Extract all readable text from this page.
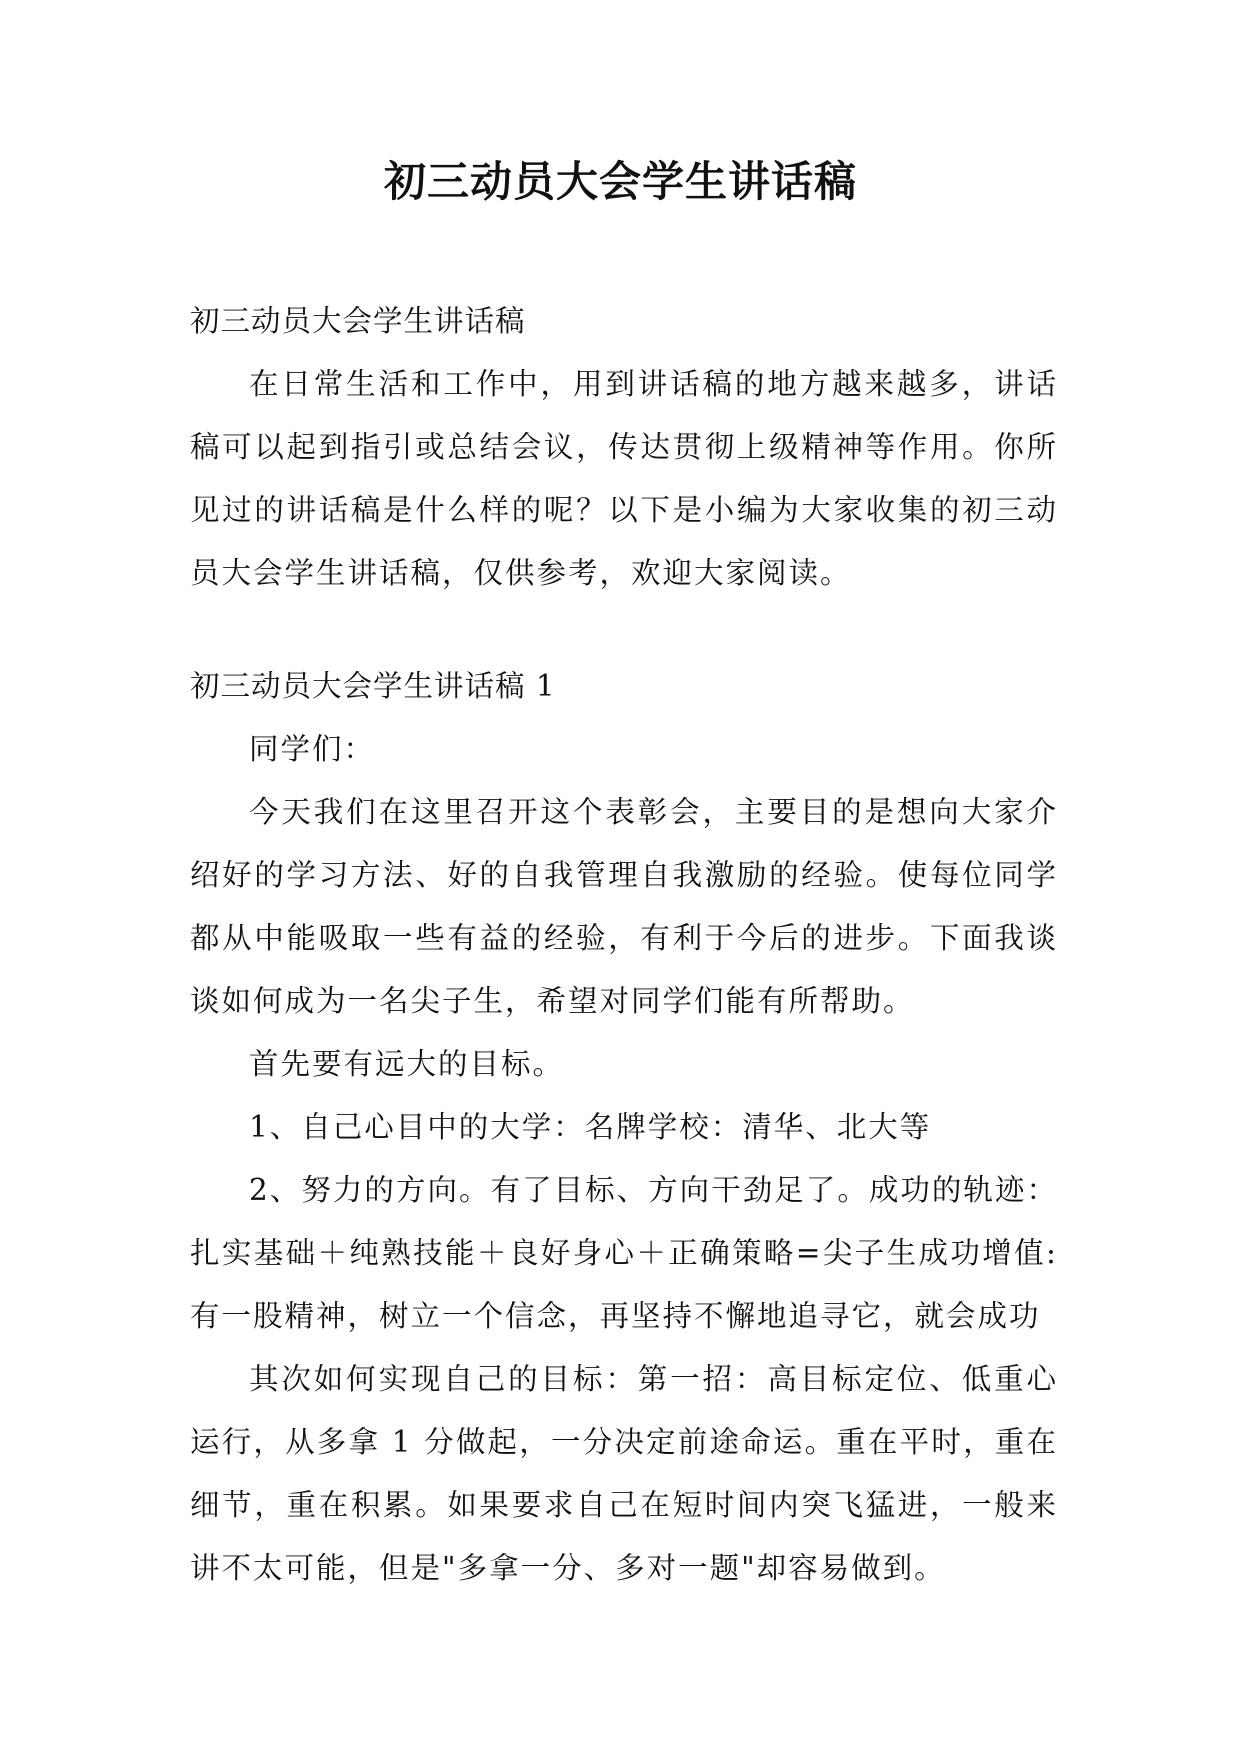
初三动员大会学生讲话稿

初三动员大会学生讲话稿

在日常生活和工作中，用到讲话稿的地方越来越多，讲话稿可以起到指引或总结会议，传达贯彻上级精神等作用。你所见过的讲话稿是什么样的呢？以下是小编为大家收集的初三动员大会学生讲话稿，仅供参考，欢迎大家阅读。

初三动员大会学生讲话稿 1

同学们：

今天我们在这里召开这个表彰会，主要目的是想向大家介绍好的学习方法、好的自我管理自我激励的经验。使每位同学都从中能吸取一些有益的经验，有利于今后的进步。下面我谈谈如何成为一名尖子生，希望对同学们能有所帮助。

首先要有远大的目标。

1、自己心目中的大学：名牌学校：清华、北大等

2、努力的方向。有了目标、方向干劲足了。成功的轨迹：扎实基础＋纯熟技能＋良好身心＋正确策略=尖子生成功增值: 有一股精神，树立一个信念，再坚持不懈地追寻它，就会成功

其次如何实现自己的目标：第一招：高目标定位、低重心运行，从多拿 1 分做起，一分决定前途命运。重在平时，重在细节，重在积累。如果要求自己在短时间内突飞猛进，一般来讲不太可能，但是"多拿一分、多对一题"却容易做到。
